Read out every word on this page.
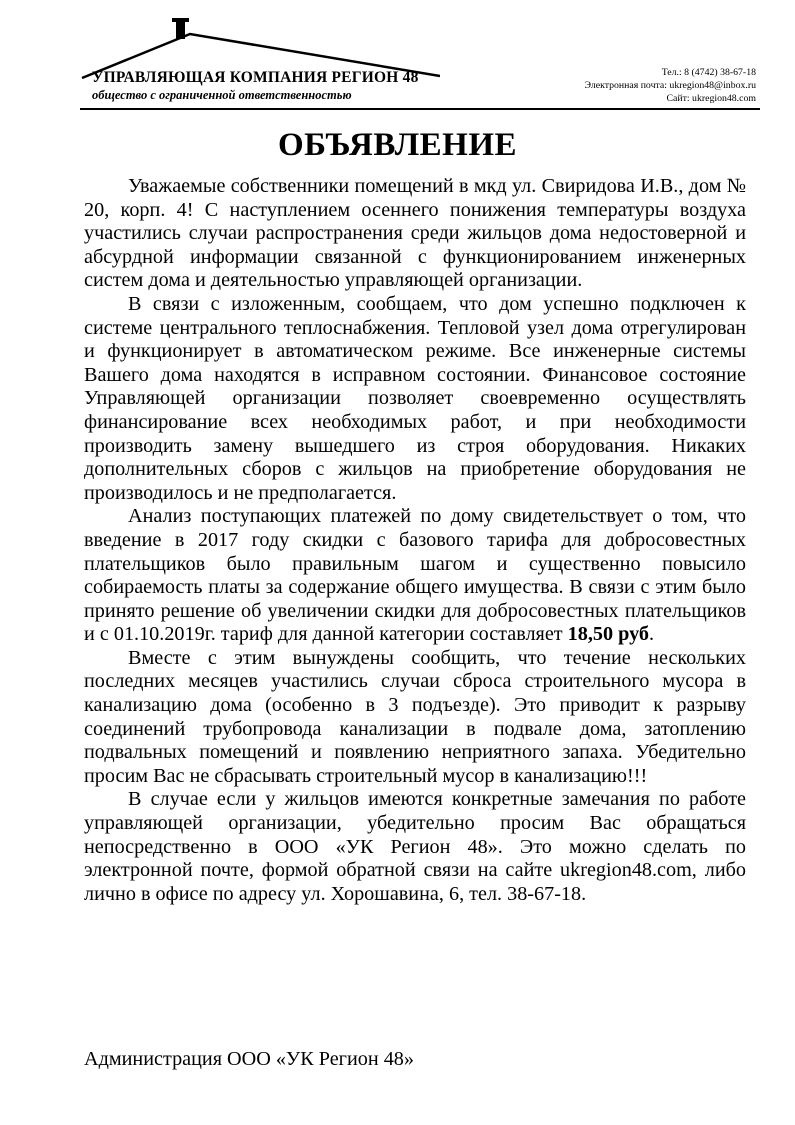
УПРАВЛЯЮЩАЯ КОМПАНИЯ РЕГИОН 48
общество с ограниченной ответственностью
Тел.: 8 (4742) 38-67-18
Электронная почта: ukregion48@inbox.ru
Сайт: ukregion48.com
ОБЪЯВЛЕНИЕ

Уважаемые собственники помещений в мкд ул. Свиридова И.В., дом № 20, корп. 4! С наступлением осеннего понижения температуры воздуха участились случаи распространения среди жильцов дома недостоверной и абсурдной информации связанной с функционированием инженерных систем дома и деятельностью управляющей организации.

В связи с изложенным, сообщаем, что дом успешно подключен к системе центрального теплоснабжения. Тепловой узел дома отрегулирован и функционирует в автоматическом режиме. Все инженерные системы Вашего дома находятся в исправном состоянии. Финансовое состояние Управляющей организации позволяет своевременно осуществлять финансирование всех необходимых работ, и при необходимости производить замену вышедшего из строя оборудования. Никаких дополнительных сборов с жильцов на приобретение оборудования не производилось и не предполагается.

Анализ поступающих платежей по дому свидетельствует о том, что введение в 2017 году скидки с базового тарифа для добросовестных плательщиков было правильным шагом и существенно повысило собираемость платы за содержание общего имущества. В связи с этим было принято решение об увеличении скидки для добросовестных плательщиков и с 01.10.2019г. тариф для данной категории составляет 18,50 руб.

Вместе с этим вынуждены сообщить, что течение нескольких последних месяцев участились случаи сброса строительного мусора в канализацию дома (особенно в 3 подъезде). Это приводит к разрыву соединений трубопровода канализации в подвале дома, затоплению подвальных помещений и появлению неприятного запаха. Убедительно просим Вас не сбрасывать строительный мусор в канализацию!!!

В случае если у жильцов имеются конкретные замечания по работе управляющей организации, убедительно просим Вас обращаться непосредственно в ООО «УК Регион 48». Это можно сделать по электронной почте, формой обратной связи на сайте ukregion48.com, либо лично в офисе по адресу ул. Хорошавина, 6, тел. 38-67-18.

Администрация ООО «УК Регион 48»
